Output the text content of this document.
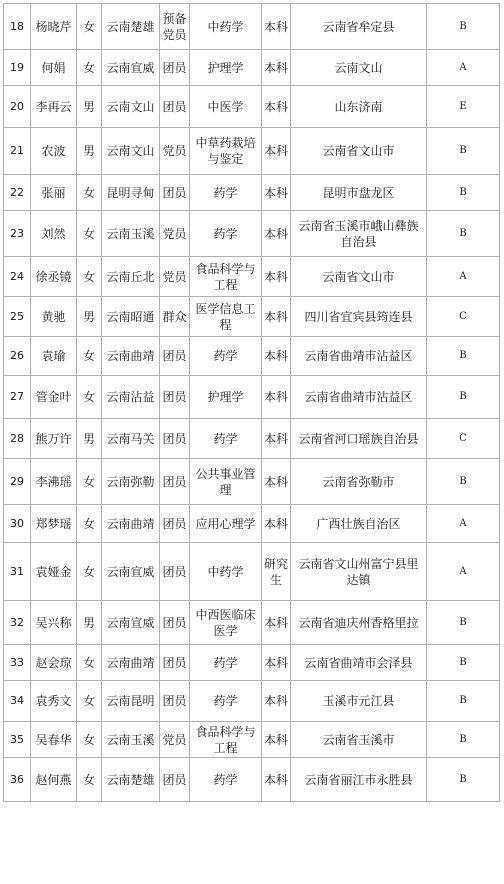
18	杨晓芹	女	云南楚雄	预备党员	中药学	本科	云南省牟定县	B
19	何娟	女	云南宣威	团员	护理学	本科	云南文山	A
20	李再云	男	云南文山	团员	中医学	本科	山东济南	E
21	农波	男	云南文山	党员	中草药栽培与鉴定	本科	云南省文山市	B
22	张丽	女	昆明寻甸	团员	药学	本科	昆明市盘龙区	B
23	刘然	女	云南玉溪	党员	药学	本科	云南省玉溪市峨山彝族自治县	B
24	徐丞镜	女	云南丘北	党员	食品科学与工程	本科	云南省文山市	A
25	黄驰	男	云南昭通	群众	医学信息工程	本科	四川省宜宾县筠连县	C
26	袁瑜	女	云南曲靖	团员	药学	本科	云南省曲靖市沾益区	B
27	管金叶	女	云南沾益	团员	护理学	本科	云南省曲靖市沾益区	B
28	熊万许	男	云南马关	团员	药学	本科	云南省河口瑶族自治县	C
29	李沸瑶	女	云南弥勒	团员	公共事业管理	本科	云南省弥勒市	B
30	郑梦瑶	女	云南曲靖	团员	应用心理学	本科	广西壮族自治区	A
31	袁娅金	女	云南宣威	团员	中药学	研究生	云南省文山州富宁县里达镇	A
32	吴兴称	男	云南宣威	团员	中西医临床医学	本科	云南省迪庆州香格里拉	B
33	赵会琼	女	云南曲靖	团员	药学	本科	云南省曲靖市会泽县	B
34	袁秀文	女	云南昆明	团员	药学	本科	玉溪市元江县	B
35	吴春华	女	云南玉溪	党员	食品科学与工程	本科	云南省玉溪市	B
36	赵何燕	女	云南楚雄	团员	药学	本科	云南省丽江市永胜县	B
